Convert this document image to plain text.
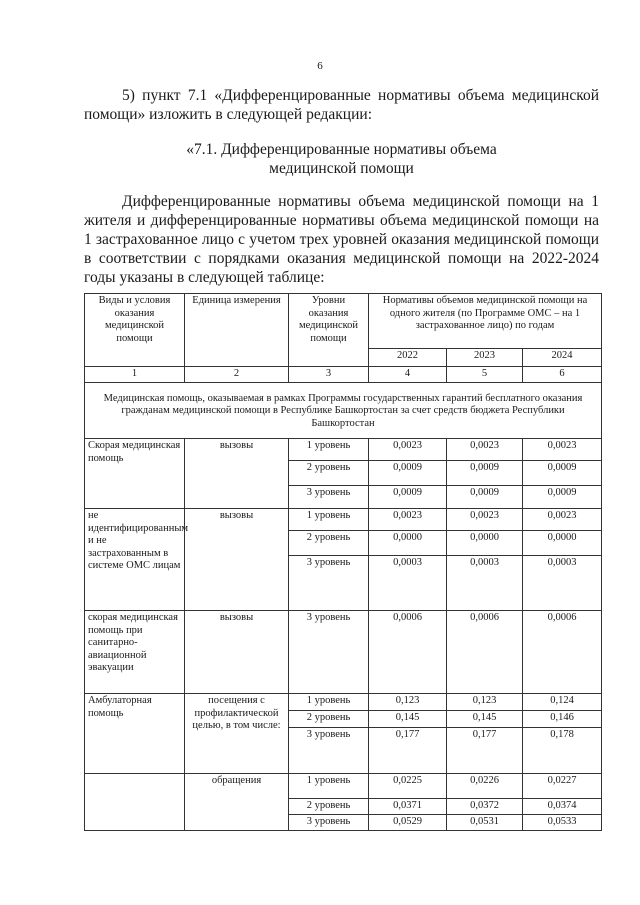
6
5) пункт 7.1 «Дифференцированные нормативы объема медицинской помощи» изложить в следующей редакции:
«7.1. Дифференцированные нормативы объема
медицинской помощи
Дифференцированные нормативы объема медицинской помощи на 1 жителя и дифференцированные нормативы объема медицинской помощи на 1 застрахованное лицо с учетом трех уровней оказания медицинской помощи в соответствии с порядками оказания медицинской помощи на 2022-2024 годы указаны в следующей таблице:
Виды и условия оказания медицинской помощи	Единица измерения	Уровни оказания медицинской помощи	Нормативы объемов медицинской помощи на одного жителя (по Программе ОМС – на 1 застрахованное лицо) по годам		
			2022	2023	2024
1	2	3	4	5	6
Медицинская помощь, оказываемая в рамках Программы государственных гарантий бесплатного оказания гражданам медицинской помощи в Республике Башкортостан за счет средств бюджета Республики Башкортостан					
Скорая медицинская помощь	вызовы	1 уровень	0,0023	0,0023	0,0023
		2 уровень	0,0009	0,0009	0,0009
		3 уровень	0,0009	0,0009	0,0009
не идентифицированным и не застрахованным в системе ОМС лицам	вызовы	1 уровень	0,0023	0,0023	0,0023
		2 уровень	0,0000	0,0000	0,0000
		3 уровень	0,0003	0,0003	0,0003
скорая медицинская помощь при санитарно-авиационной эвакуации	вызовы	3 уровень	0,0006	0,0006	0,0006
Амбулаторная помощь	посещения с профилактической целью, в том числе:	1 уровень	0,123	0,123	0,124
		2 уровень	0,145	0,145	0,146
		3 уровень	0,177	0,177	0,178
	обращения	1 уровень	0,0225	0,0226	0,0227
		2 уровень	0,0371	0,0372	0,0374
		3 уровень	0,0529	0,0531	0,0533
